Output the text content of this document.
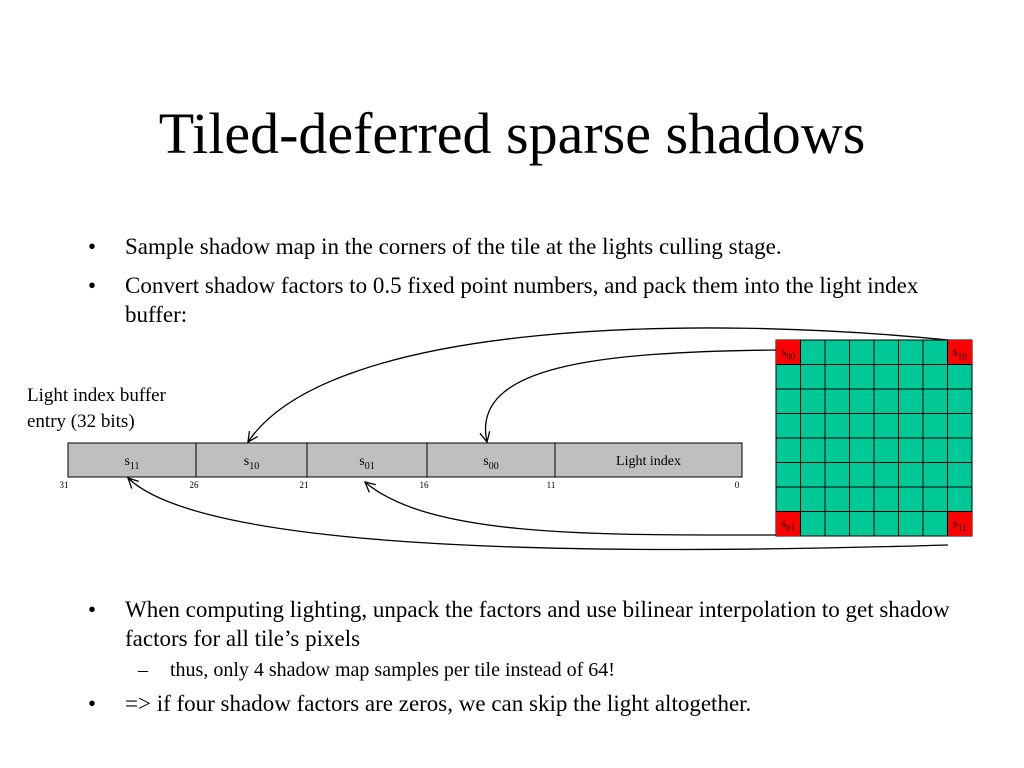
Tiled-deferred sparse shadows
• Sample shadow map in the corners of the tile at the lights culling stage.
• Convert shadow factors to 0.5 fixed point numbers, and pack them into the light index buffer:
Light index buffer
entry (32 bits)
$s_{11}$	$s_{10}$	$s_{01}$	$s_{00}$	Light index
31	26	21	16	11	0
$s_{00}$	$s_{10}$
$s_{01}$	$s_{11}$
• When computing lighting, unpack the factors and use bilinear interpolation to get shadow factors for all tile’s pixels
– thus, only 4 shadow map samples per tile instead of 64!
• => if four shadow factors are zeros, we can skip the light altogether.
